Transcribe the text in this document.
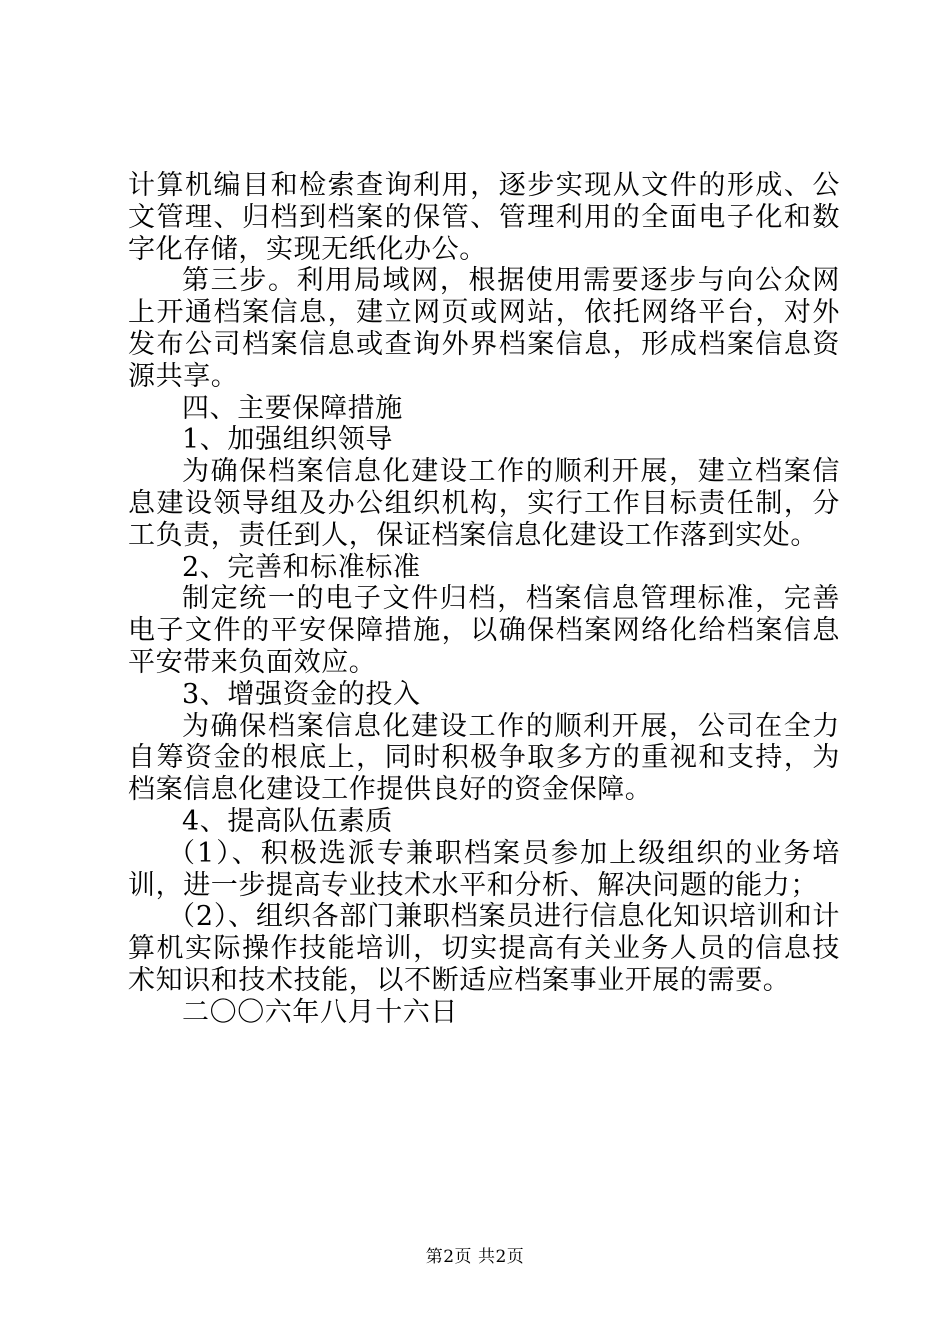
计算机编目和检索查询利用，逐步实现从文件的形成、公文管理、归档到档案的保管、管理利用的全面电子化和数字化存储，实现无纸化办公。

第三步。利用局域网，根据使用需要逐步与向公众网上开通档案信息，建立网页或网站，依托网络平台，对外发布公司档案信息或查询外界档案信息，形成档案信息资源共享。

四、主要保障措施

1、加强组织领导

为确保档案信息化建设工作的顺利开展，建立档案信息建设领导组及办公组织机构，实行工作目标责任制，分工负责，责任到人，保证档案信息化建设工作落到实处。

2、完善和标准标准

制定统一的电子文件归档，档案信息管理标准，完善电子文件的平安保障措施，以确保档案网络化给档案信息平安带来负面效应。

3、增强资金的投入

为确保档案信息化建设工作的顺利开展，公司在全力自筹资金的根底上，同时积极争取多方的重视和支持，为档案信息化建设工作提供良好的资金保障。

4、提高队伍素质

（1）、积极选派专兼职档案员参加上级组织的业务培训，进一步提高专业技术水平和分析、解决问题的能力；

（2）、组织各部门兼职档案员进行信息化知识培训和计算机实际操作技能培训，切实提高有关业务人员的信息技术知识和技术技能，以不断适应档案事业开展的需要。

二〇〇六年八月十六日

第2页 共2页
